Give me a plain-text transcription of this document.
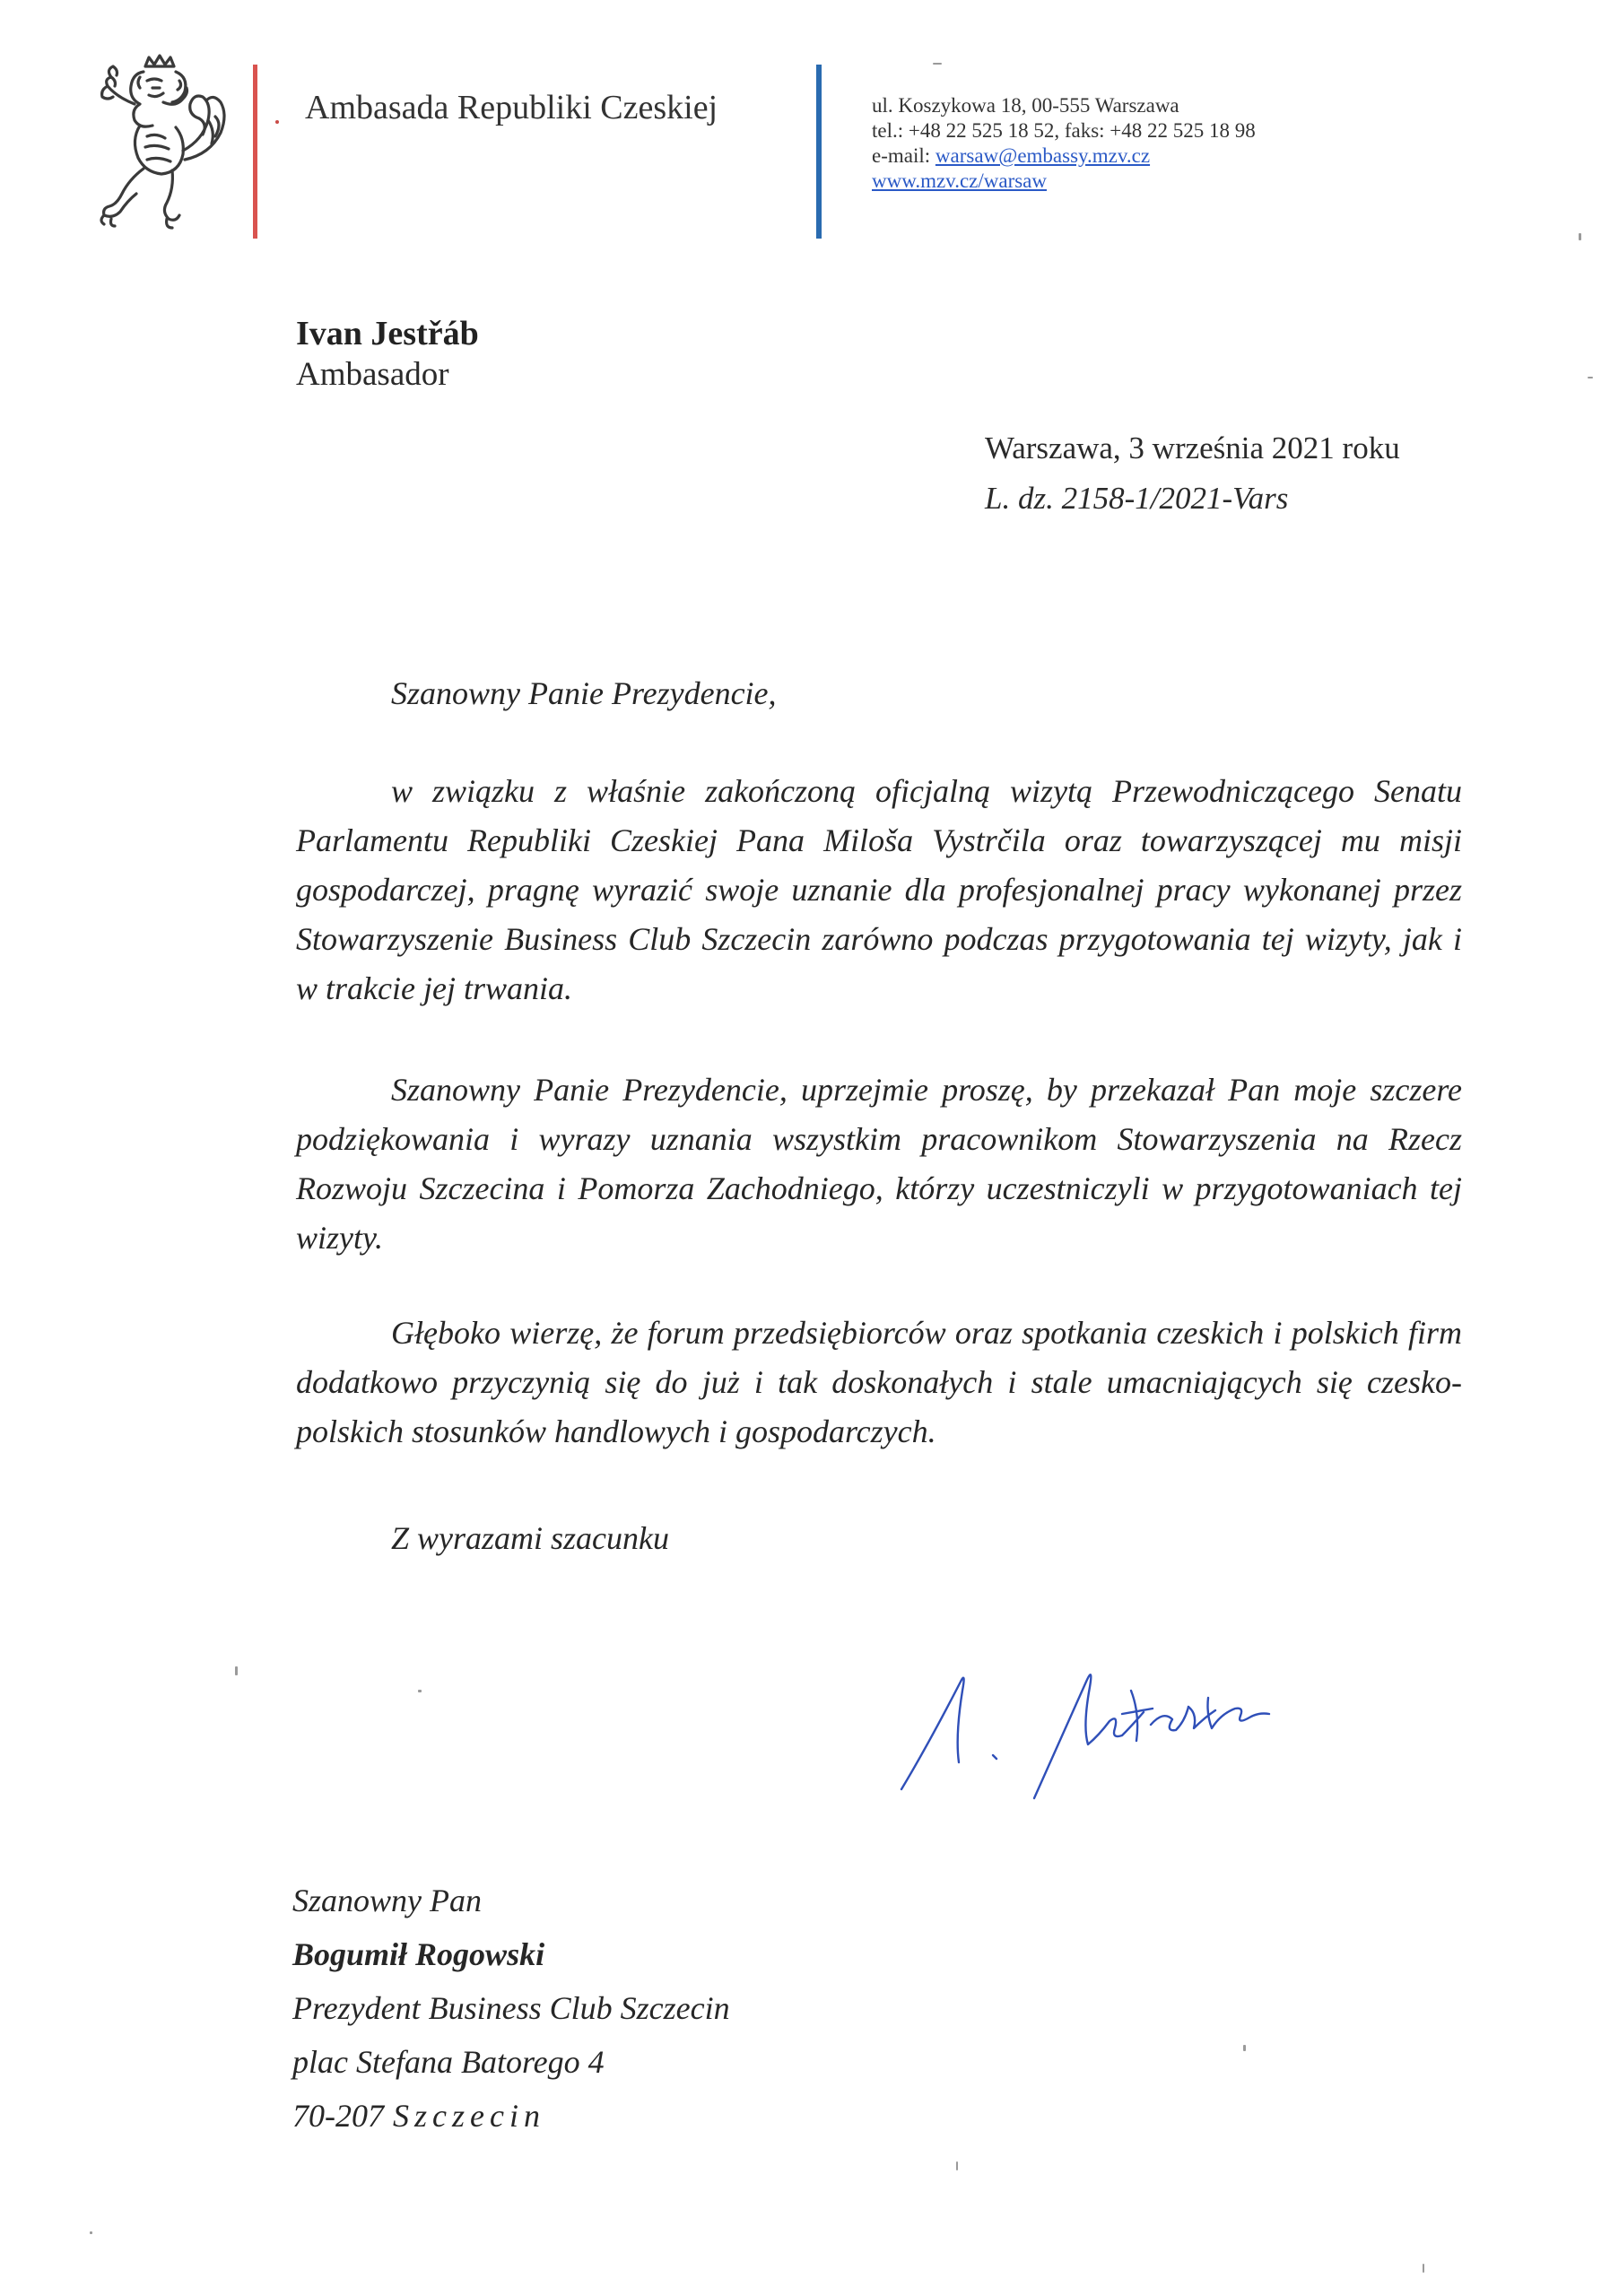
Ambasada Republiki Czeskiej	ul. Koszykowa 18, 00-555 Warszawa
tel.: +48 22 525 18 52, faks: +48 22 525 18 98
e-mail: warsaw@embassy.mzv.cz
www.mzv.cz/warsaw
Ivan Jestřáb
Ambasador
Warszawa, 3 września 2021 roku
L. dz. 2158-1/2021-Vars
Szanowny Panie Prezydencie,
w związku z właśnie zakończoną oficjalną wizytą Przewodniczącego Senatu Parlamentu Republiki Czeskiej Pana Miloša Vystrčila oraz towarzyszącej mu misji gospodarczej, pragnę wyrazić swoje uznanie dla profesjonalnej pracy wykonanej przez Stowarzyszenie Business Club Szczecin zarówno podczas przygotowania tej wizyty, jak i w trakcie jej trwania.
Szanowny Panie Prezydencie, uprzejmie proszę, by przekazał Pan moje szczere podziękowania i wyrazy uznania wszystkim pracownikom Stowarzyszenia na Rzecz Rozwoju Szczecina i Pomorza Zachodniego, którzy uczestniczyli w przygotowaniach tej wizyty.
Głęboko wierzę, że forum przedsiębiorców oraz spotkania czeskich i polskich firm dodatkowo przyczynią się do już i tak doskonałych i stale umacniających się czesko-polskich stosunków handlowych i gospodarczych.
Z wyrazami szacunku
Szanowny Pan
Bogumił Rogowski
Prezydent Business Club Szczecin
plac Stefana Batorego 4
70-207 Szczecin
